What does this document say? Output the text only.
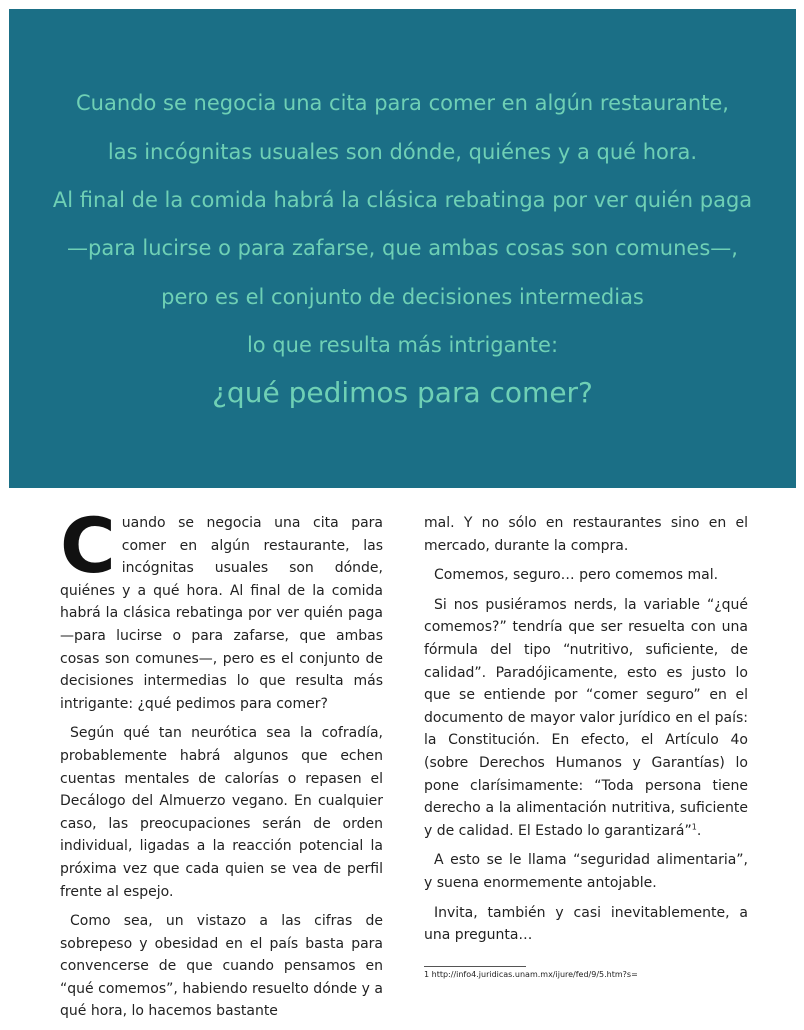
Cuando se negocia una cita para comer en algún restaurante,
las incógnitas usuales son dónde, quiénes y a qué hora.
Al final de la comida habrá la clásica rebatinga por ver quién paga
—para lucirse o para zafarse, que ambas cosas son comunes—,
pero es el conjunto de decisiones intermedias
lo que resulta más intrigante:
¿qué pedimos para comer?

C uando se negocia una cita para comer en algún restaurante, las incógnitas usuales son dónde, quiénes y a qué hora. Al final de la comida habrá la clásica rebatinga por ver quién paga —para lucirse o para zafarse, que ambas cosas son comunes—, pero es el conjunto de decisiones intermedias lo que resulta más intrigante: ¿qué pedimos para comer?

Según qué tan neurótica sea la cofradía, probablemente habrá algunos que echen cuentas mentales de calorías o repasen el Decálogo del Almuerzo vegano. En cualquier caso, las preocupaciones serán de orden individual, ligadas a la reacción potencial la próxima vez que cada quien se vea de perfil frente al espejo.

Como sea, un vistazo a las cifras de sobrepeso y obesidad en el país basta para convencerse de que cuando pensamos en “qué comemos”, habiendo resuelto dónde y a qué hora, lo hacemos bastante

mal. Y no sólo en restaurantes sino en el mercado, durante la compra.

Comemos, seguro… pero comemos mal.

Si nos pusiéramos nerds, la variable “¿qué comemos?” tendría que ser resuelta con una fórmula del tipo “nutritivo, suficiente, de calidad”. Paradójicamente, esto es justo lo que se entiende por “comer seguro” en el documento de mayor valor jurídico en el país: la Constitución. En efecto, el Artículo 4o (sobre Derechos Humanos y Garantías) lo pone clarísimamente: “Toda persona tiene derecho a la alimentación nutritiva, suficiente y de calidad. El Estado lo garantizará”$^1$.

A esto se le llama “seguridad alimentaria”, y suena enormemente antojable.

Invita, también y casi inevitablemente, a una pregunta…

1 http://info4.juridicas.unam.mx/ijure/fed/9/5.htm?s=
